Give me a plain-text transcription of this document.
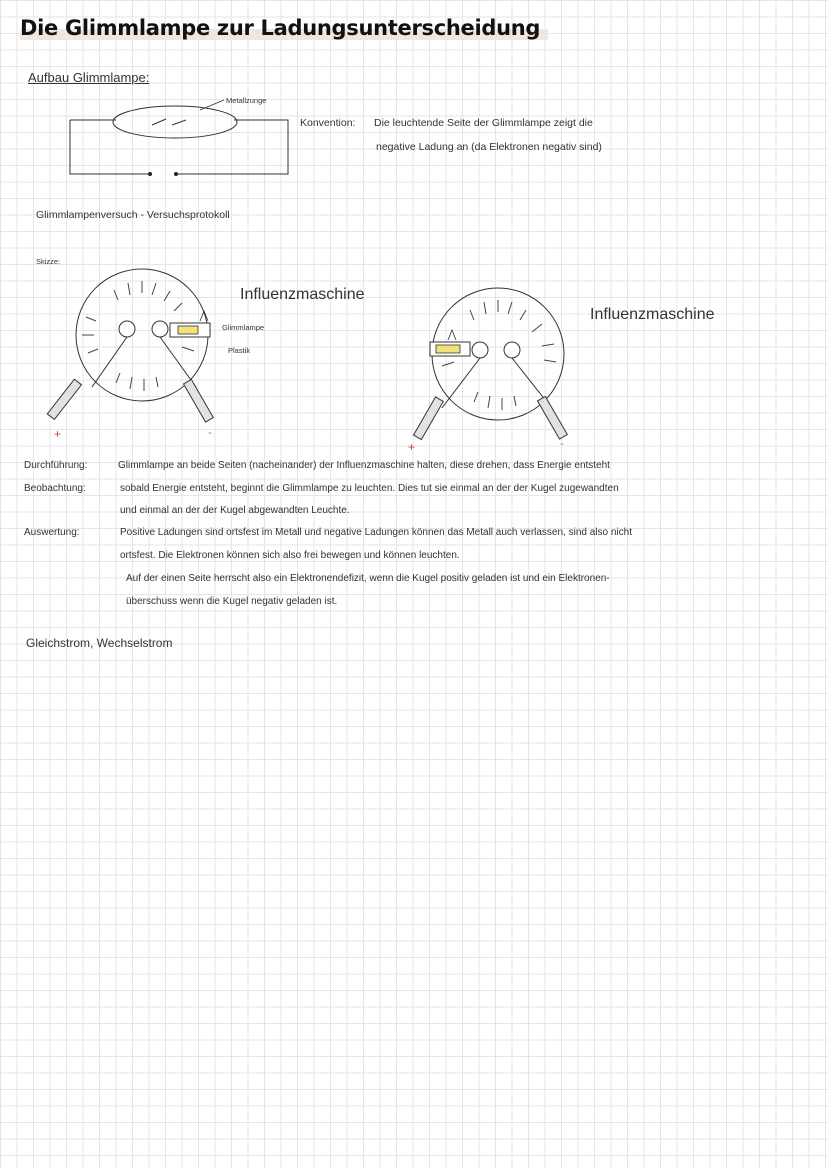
Die Glimmlampe zur Ladungsunterscheidung
Aufbau Glimmlampe:
Metallzunge
Konvention: Die leuchtende Seite der Glimmlampe zeigt die
negative Ladung an (da Elektronen negativ sind)
Glimmlampenversuch - Versuchsprotokoll
Skizze:
Influenzmaschine
Glimmlampe
Plastik
+	-
Influenzmaschine
+	-
Durchführung:	Glimmlampe an beide Seiten (nacheinander) der Influenzmaschine halten, diese drehen, dass Energie entsteht
Beobachtung:	sobald Energie entsteht, beginnt die Glimmlampe zu leuchten. Dies tut sie einmal an der der Kugel zugewandten
und einmal an der der Kugel abgewandten Leuchte.
Auswertung:	Positive Ladungen sind ortsfest im Metall und negative Ladungen können das Metall auch verlassen, sind also nicht
ortsfest. Die Elektronen können sich also frei bewegen und können leuchten.
Auf der einen Seite herrscht also ein Elektronendefizit, wenn die Kugel positiv geladen ist und ein Elektronen-
überschuss wenn die Kugel negativ geladen ist.
Gleichstrom, Wechselstrom
